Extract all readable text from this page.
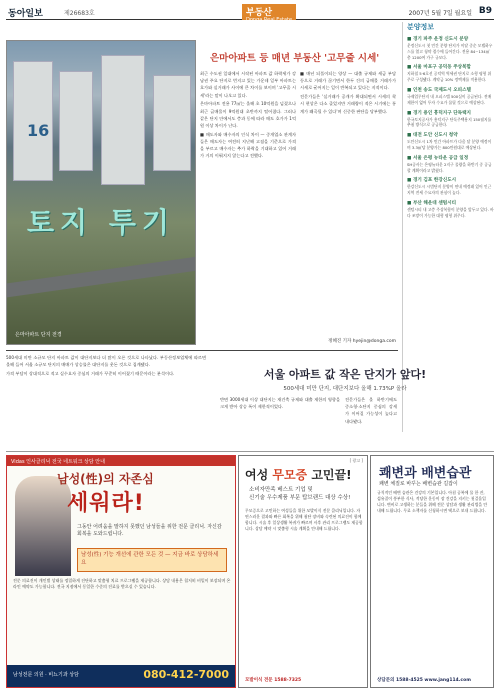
동아일보	제26683호	부동산
Donga Real Estate
2007년 5월 7일 월요일 B9
16
토지 투기
은마아파트 단지 전경
은마아파트 등 매년 부동산 '고무줄 시세'

최근 수도권 일대에서 시작된 아파트 값 하락세가 강남권 주요 단지로 번지고 있는 가운데 일부 아파트는 호가와 실거래가 사이에 큰 차이를 보이며 '고무줄 시세'라는 말이 나오고 있다.

은마아파트 전용 77㎡는 올해 초 10억원을 넘겼으나 최근 급매물이 9억원대 초반까지 떨어졌다. 그러나 같은 단지 안에서도 층과 동에 따라 매도 호가가 1억원 이상 차이가 난다.

■ 매도자와 매수자의 인식 차이 — 중개업소 관계자들은 매도자는 여전히 지난해 고점을 기준으로 가격을 부르고 매수자는 추가 하락을 기대하고 있어 거래가 거의 이뤄지지 않는다고 전했다.

■ 매년 되풀이되는 양상 — 대출 규제와 세금 부담 등으로 거래가 끊기면서 한두 건의 급매물 거래가가 시세로 굳어지는 일이 반복되고 있다는 지적이다.

전문가들은 '실거래가 공개가 확대되면서 시세의 착시 현상은 다소 줄었지만 거래량이 적은 시기에는 통계가 왜곡될 수 있다'며 신중한 판단을 당부했다.

정혜진 기자 hyejin@donga.com
분양정보
■ 경기 파주 운정 신도시 분양
운정신도시 첫 민간 분양 단지가 이달 중순 모델하우스를 열고 청약 접수에 들어간다. 전용 84~134㎡ 총 1200여 가구 규모다.
■ 서울 마포구 공덕동 주상복합
지하철 5·6호선 공덕역 역세권 단지로 소형 평형 위주로 구성됐다. 계약금 10% 정액제를 적용한다.
■ 인천 송도 국제도시 오피스텔
국제업무단지 내 오피스텔 500실이 공급된다. 전매 제한이 없어 투자 수요가 몰릴 것으로 예상된다.
■ 경기 용인 흥덕지구 단독택지
한국토지공사가 흥덕지구 단독주택용지 150필지를 추첨 방식으로 공급한다.
■ 대전 도안 신도시 청약
도안신도시 1차 민간 아파트가 다음 달 분양 예정이며 3.3㎡당 분양가는 800만원대로 예상된다.
■ 서울 은평 뉴타운 공급 일정
SH공사는 은평뉴타운 2지구 물량을 하반기 중 공급할 계획이라고 밝혔다.
■ 경기 김포 한강신도시
한강신도시 시범단지 분양이 연내 예정돼 있어 인근 지역 전세 수요자의 관심이 높다.
■ 부산 해운대 센텀시티
센텀시티 내 고층 주상복합이 분양을 앞두고 있다. 바다 조망이 가능한 대형 평형 위주다.

500세대 미만 소규모 단지 아파트 값이 대단지보다 더 많이 오른 것으로 나타났다. 부동산정보업체에 따르면 올해 들어 서울 소규모 단지의 매매가 상승률은 대단지를 웃돈 것으로 집계됐다.

가격 부담이 상대적으로 적고 실수요자 중심의 거래가 꾸준히 이어졌기 때문이라는 분석이다.	서울 아파트 값 작은 단지가 앞다!
500세대 미만 단지, 대단지보다 올해 1.73%P 올라

반면 3000세대 이상 대단지는 재건축 규제와 대출 제한의 영향을 크게 받아 상승 폭이 제한적이었다.

전문가들은 올 하반기에도 중소형·소단지 중심의 강세가 이어질 가능성이 높다고 내다봤다.

Vidas 인사클리닉 전국 네트워크 상담 안내
남성(性)의 자존심
세워라!
그동안 어려움을 말하지 못했던 남성들을 위한 전문 클리닉. 자신감 회복을 도와드립니다.
남성(性) 기능 개선에 관한 모든 것 — 지금 바로 상담하세요
전문 의료진이 개인별 상태를 정밀하게 진단하고 맞춤형 치료 프로그램을 제공합니다. 상담 내용은 철저히 비밀이 보장되며 온라인 예약도 가능합니다. 전국 지점에서 동일한 수준의 진료를 받으실 수 있습니다.
남성전문 의원 · 비뇨기과 상담	080-412-7000
[ 광고 ]
여성 무모증 고민끝!
소비자만족 베스트 기업 및
신기술 우수제품 부문 탑브랜드 대상 수상!
무모증으로 고민하는 여성들을 위한 모발이식 전문 클리닉입니다. 자연스러운 결과와 빠른 회복을 위해 첨단 장비와 숙련된 의료진이 함께합니다. 시술 후 일상생활 복귀가 빠르며 사후 관리 프로그램도 제공합니다. 상담 예약 시 맞춤형 시술 계획을 안내해 드립니다.
모발이식 전문 1588-7325
쾌변과 배변습관
쾌변 체질로 바꾸는 배변습관 길잡이
규칙적인 배변 습관은 건강의 기본입니다. 아침 공복에 물 한 잔, 섬유질이 풍부한 식사, 적당한 운동이 장 건강을 지키는 첫걸음입니다. 변비로 고생하는 분들을 위해 전문 상담과 생활 관리법을 안내해 드립니다. 무료 소책자를 신청하시면 댁으로 보내 드립니다.
상담문의 1588-4525 www.jang114.com
